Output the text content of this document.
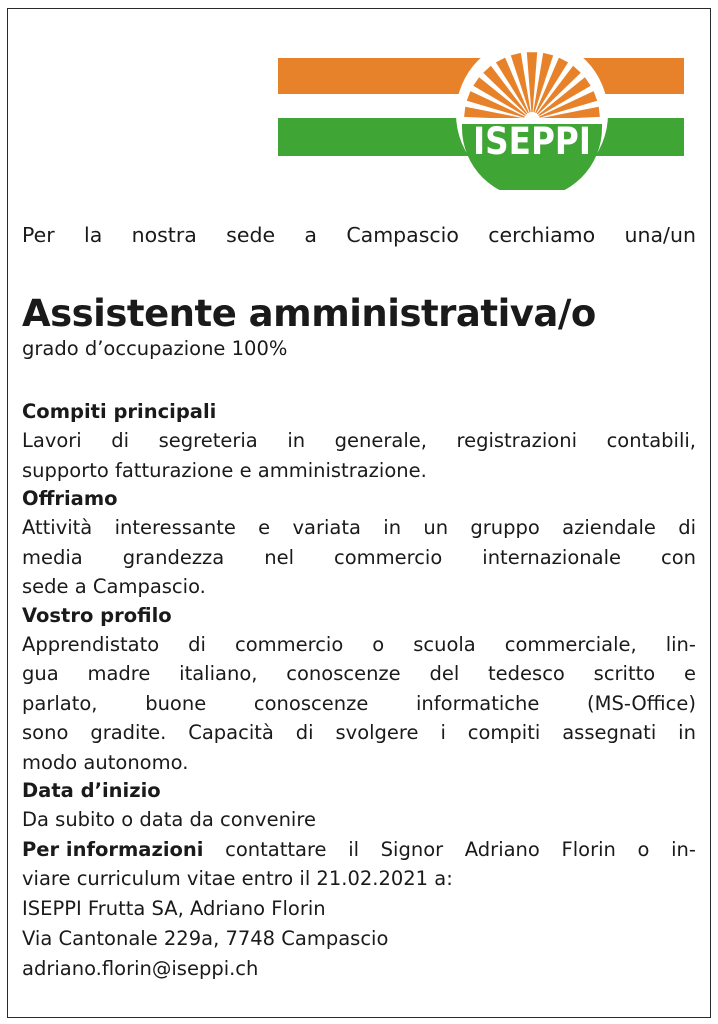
ISEPPI

Per la nostra sede a Campascio cerchiamo una/un

Assistente amministrativa/o

grado d’occupazione 100%

Compiti principali
Lavori di segreteria in generale, registrazioni contabili,
supporto fatturazione e amministrazione.
Offriamo
Attività interessante e variata in un gruppo aziendale di
media grandezza nel commercio internazionale con
sede a Campascio.
Vostro profilo
Apprendistato di commercio o scuola commerciale, lin-
gua madre italiano, conoscenze del tedesco scritto e
parlato, buone conoscenze informatiche (MS-Office)
sono gradite. Capacità di svolgere i compiti assegnati in
modo autonomo.
Data d’inizio

Da subito o data da convenire

Per informazioni contattare il Signor Adriano Florin o in-
viare curriculum vitae entro il 21.02.2021 a:

ISEPPI Frutta SA, Adriano Florin

Via Cantonale 229a, 7748 Campascio

adriano.florin@iseppi.ch
